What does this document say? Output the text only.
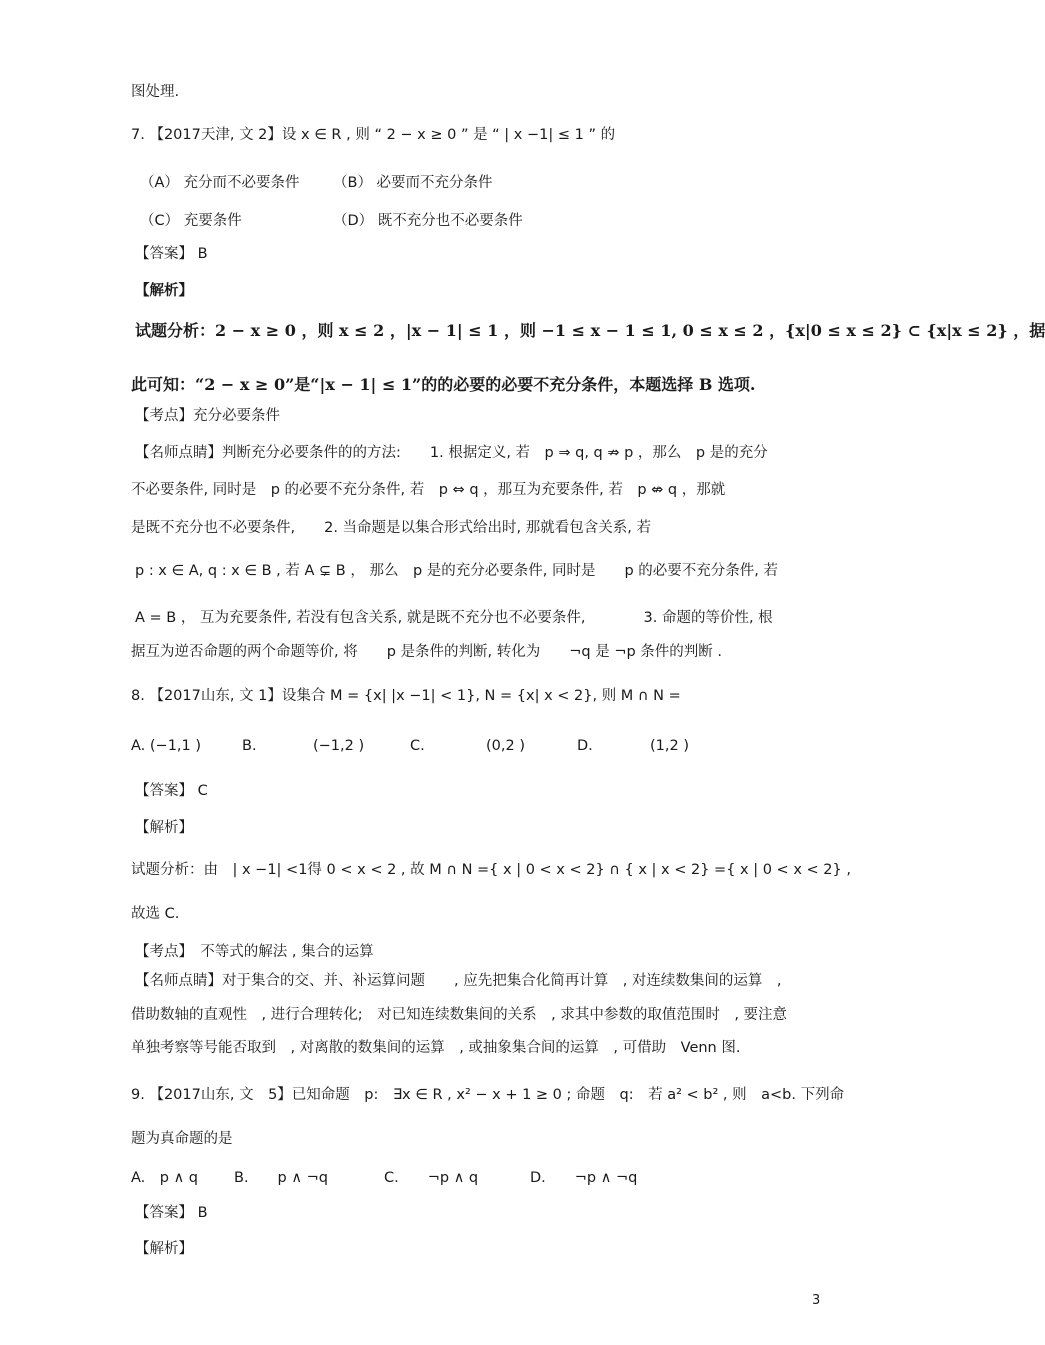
图处理.
7. 【2017天津, 文 2】设 x ∈ R , 则 “ 2 − x ≥ 0 ” 是 “ | x −1| ≤ 1 ” 的
（A） 充分而不必要条件 （B） 必要而不充分条件
（C） 充要条件	（D） 既不充分也不必要条件
【答案】 B
【解析】
试题分析：2 − x ≥ 0 ，则 x ≤ 2 ，|x − 1| ≤ 1 ，则 −1 ≤ x − 1 ≤ 1, 0 ≤ x ≤ 2 ，{x|0 ≤ x ≤ 2} ⊂ {x|x ≤ 2} ，据
此可知：“2 − x ≥ 0”是“|x − 1| ≤ 1”的的必要的必要不充分条件，本题选择 B 选项.
【考点】充分必要条件
【名师点睛】判断充分必要条件的的方法:　　1. 根据定义, 若　p ⇒ q, q ⇏ p ，那么　p 是的充分
不必要条件, 同时是　p 的必要不充分条件, 若　p ⇔ q ，那互为充要条件, 若　p ⇎ q ，那就
是既不充分也不必要条件,　　2. 当命题是以集合形式给出时, 那就看包含关系, 若
p : x ∈ A, q : x ∈ B , 若 A ⊊ B ， 那么　p 是的充分必要条件, 同时是　　p 的必要不充分条件, 若
A = B ， 互为充要条件, 若没有包含关系, 就是既不充分也不必要条件,　　　　3. 命题的等价性, 根
据互为逆否命题的两个命题等价, 将　　p 是条件的判断, 转化为　　¬q 是 ¬p 条件的判断 .
8. 【2017山东, 文 1】设集合 M = {x| |x −1| < 1}, N = {x| x < 2}, 则 M ∩ N =
A. (−1,1 )	B.	(−1,2 )	C.	(0,2 )	D.	(1,2 )
【答案】 C
【解析】
试题分析：由　| x −1| <1得 0 < x < 2 , 故 M ∩ N ={ x | 0 < x < 2} ∩ { x | x < 2} ={ x | 0 < x < 2} ,
故选 C.
【考点】　不等式的解法 , 集合的运算
【名师点睛】对于集合的交、并、补运算问题　　, 应先把集合化简再计算　, 对连续数集间的运算　,
借助数轴的直观性　, 进行合理转化;　对已知连续数集间的关系　, 求其中参数的取值范围时　, 要注意
单独考察等号能否取到　, 对离散的数集间的运算　, 或抽象集合间的运算　, 可借助　Venn 图.
9. 【2017山东, 文　5】已知命题　p:　∃x ∈ R , x² − x + 1 ≥ 0 ; 命题　q:　若 a² < b² , 则　a<b. 下列命
题为真命题的是
A.　p ∧ q B.　　p ∧ ¬q	C.　　¬p ∧ q	D.　　¬p ∧ ¬q
【答案】 B
【解析】
3
